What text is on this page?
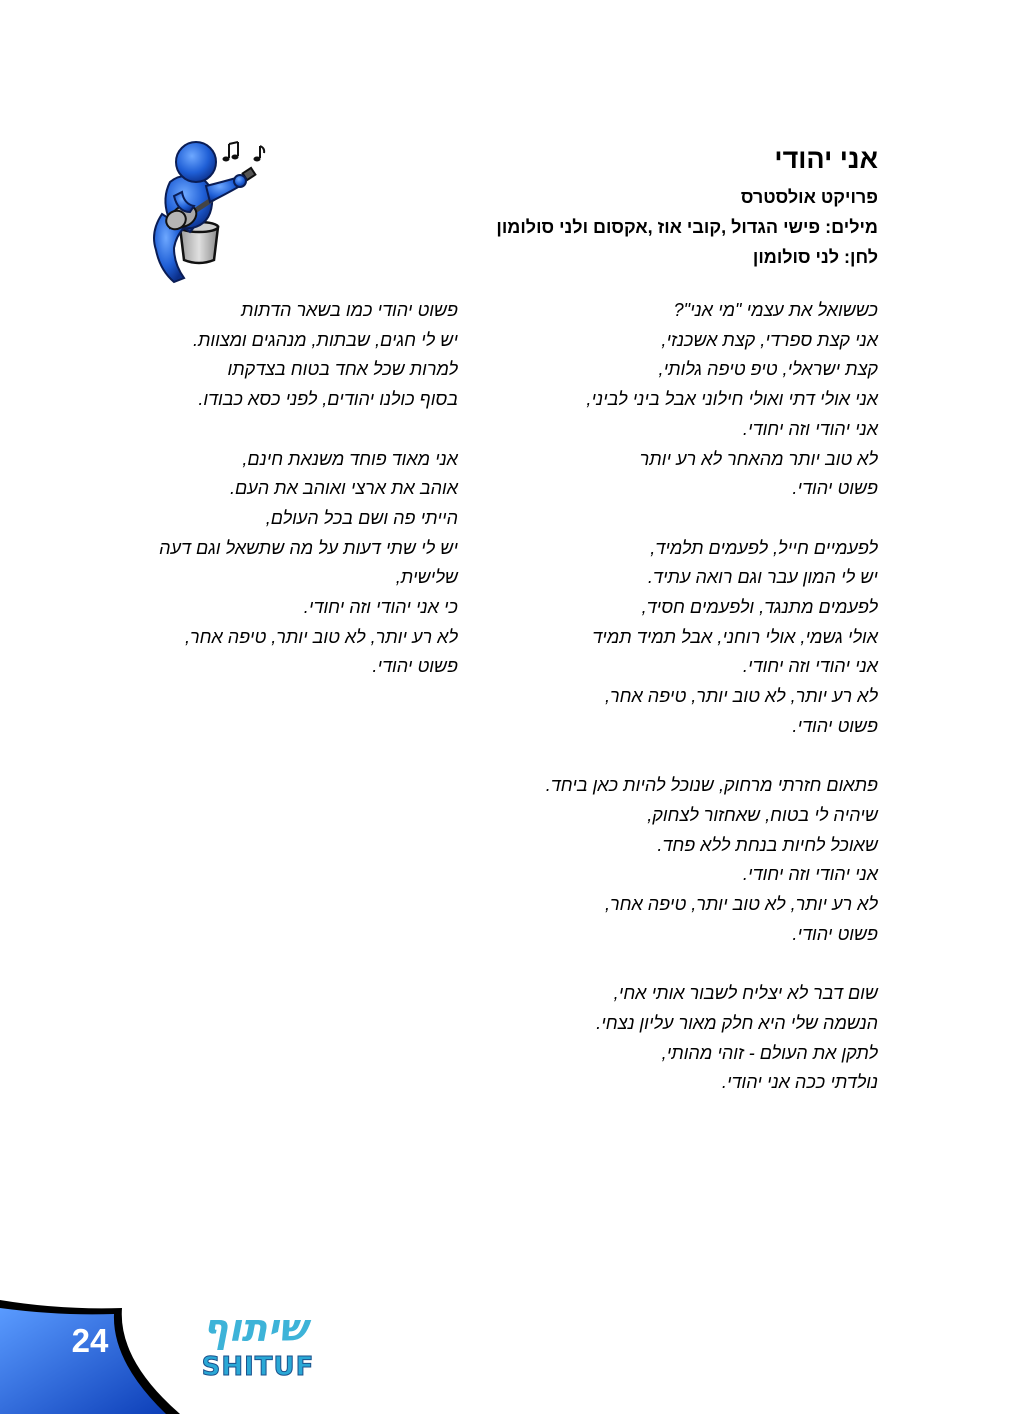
אני יהודי
פרויקט אולסטרס
מילים: פישי הגדול ,קובי אוז ,אקסום ולני סולומון
לחן: לני סולומון
כששואל את עצמי "מי אני"?
אני קצת ספרדי, קצת אשכנזי,
קצת ישראלי, טיפ טיפה גלותי,
אני אולי דתי ואולי חילוני אבל ביני לביני,
אני יהודי וזה יחודי.
לא טוב יותר מהאחר לא רע יותר
פשוט יהודי.
לפעמיים חייל, לפעמים תלמיד,
יש לי המון עבר וגם רואה עתיד.
לפעמים מתנגד, ולפעמים חסיד,
אולי גשמי, אולי רוחני, אבל תמיד תמיד
אני יהודי וזה יחודי.
לא רע יותר, לא טוב יותר, טיפה אחר,
פשוט יהודי.
פתאום חזרתי מרחוק, שנוכל להיות כאן ביחד.
שיהיה לי בטוח, שאחזור לצחוק,
שאוכל לחיות בנחת ללא פחד.
אני יהודי וזה יחודי.
לא רע יותר, לא טוב יותר, טיפה אחר,
פשוט יהודי.
שום דבר לא יצליח לשבור אותי אחי,
הנשמה שלי היא חלק מאור עליון נצחי.
לתקן את העולם - זוהי מהותי,
נולדתי ככה אני יהודי.
פשוט יהודי כמו בשאר הדתות
יש לי חגים, שבתות, מנהגים ומצוות.
למרות שכל אחד בטוח בצדקתו
בסוף כולנו יהודים, לפני כסא כבודו.
אני מאוד פוחד משנאת חינם,
אוהב את ארצי ואוהב את העם.
הייתי פה ושם בכל העולם,
יש לי שתי דעות על מה שתשאל וגם דעה שלישית,
כי אני יהודי וזה יחודי.
לא רע יותר, לא טוב יותר, טיפה אחר,
פשוט יהודי.
24	שיתוף
SHITUF
